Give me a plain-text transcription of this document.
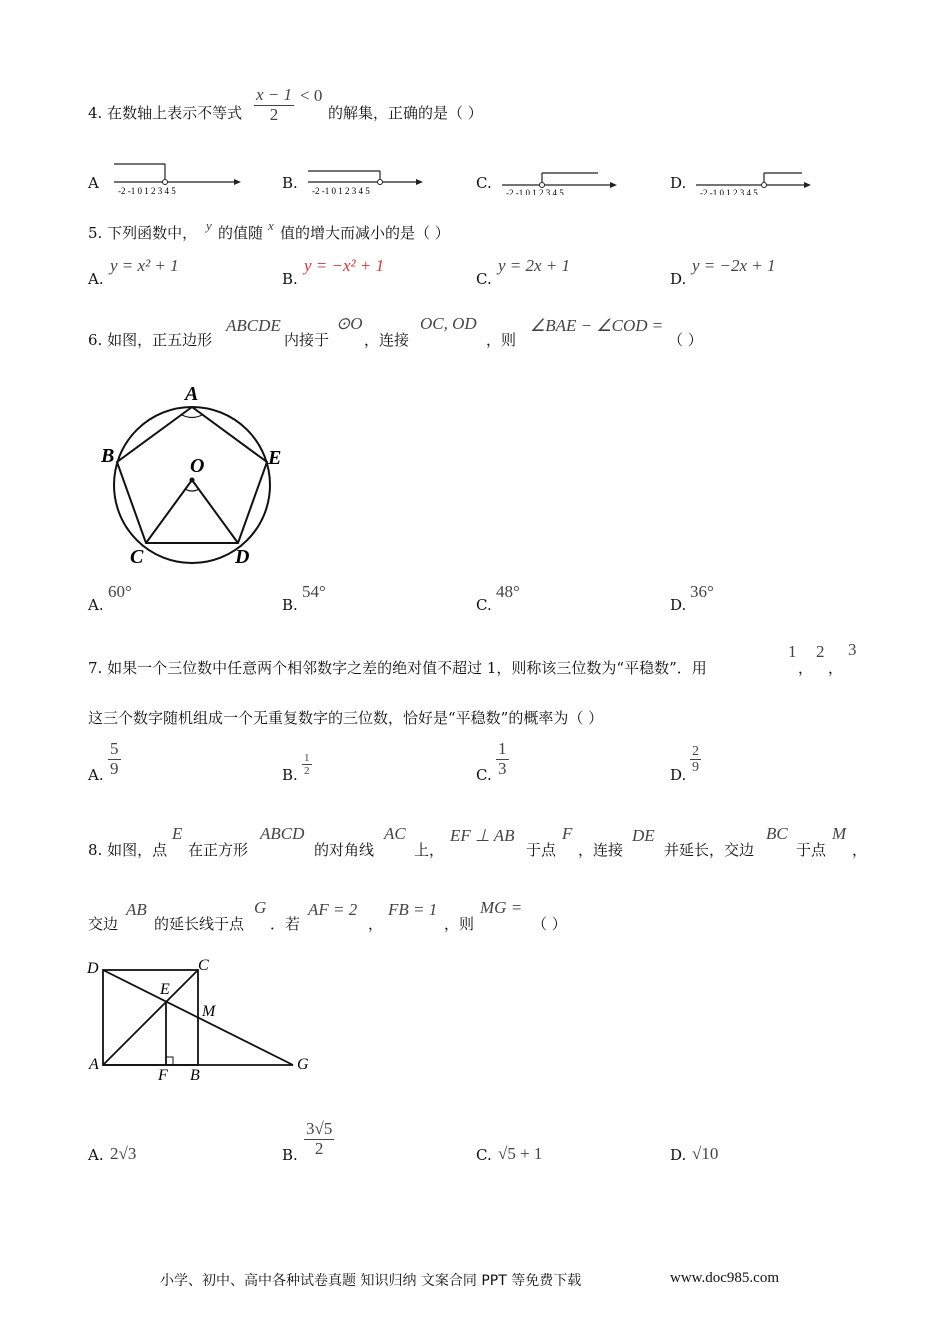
4. 在数轴上表示不等式 $\frac{x - 1}{2} < 0$
的解集，正确的是（ ）
A -2 -1 0 1 2 3 4 5	B. -2 -1 0 1 2 3 4 5	C.
-2 -1 0 1 2 3 4 5
D.
-2 -1 0 1 2 3 4 5
5. 下列函数中， y 的值随 x 值的增大而减小的是（ ）
A.
y = x² + 1
B.
y = −x² + 1
C.
y = 2x + 1
D.
y = −2x + 1
6. 如图，正五边形
ABCDE
内接于
⊙O
，连接
OC, OD
，则
∠BAE − ∠COD =
（ ）
A
B
C	D
E
O
A.
60°
B.
54°
C.
48°
D.
36°
7. 如果一个三位数中任意两个相邻数字之差的绝对值不超过 1，则称该三位数为“平稳数”．用
1
，
2
，
3
这三个数字随机组成一个无重复数字的三位数，恰好是“平稳数”的概率为（ ）
A. $\frac{5}{9}$	B. $\frac{1}{2}$	C. $\frac{1}{3}$	D. $\frac{2}{9}$
8. 如图，点
E
在正方形
ABCD
的对角线
AC
上，
EF ⊥ AB
于点
F
，连接
DE
并延长，交边
BC
于点
M
，
交边
AB
的延长线于点
G
．若
AF = 2
，
FB = 1
，则
MG =
（ ）
D	C
E
M
A
F B
G
A. 2√3	B. $\frac{3√5}{2}$	C. √5 + 1	D. √10
小学、初中、高中各种试卷真题 知识归纳 文案合同 PPT 等免费下载	www.doc985.com
